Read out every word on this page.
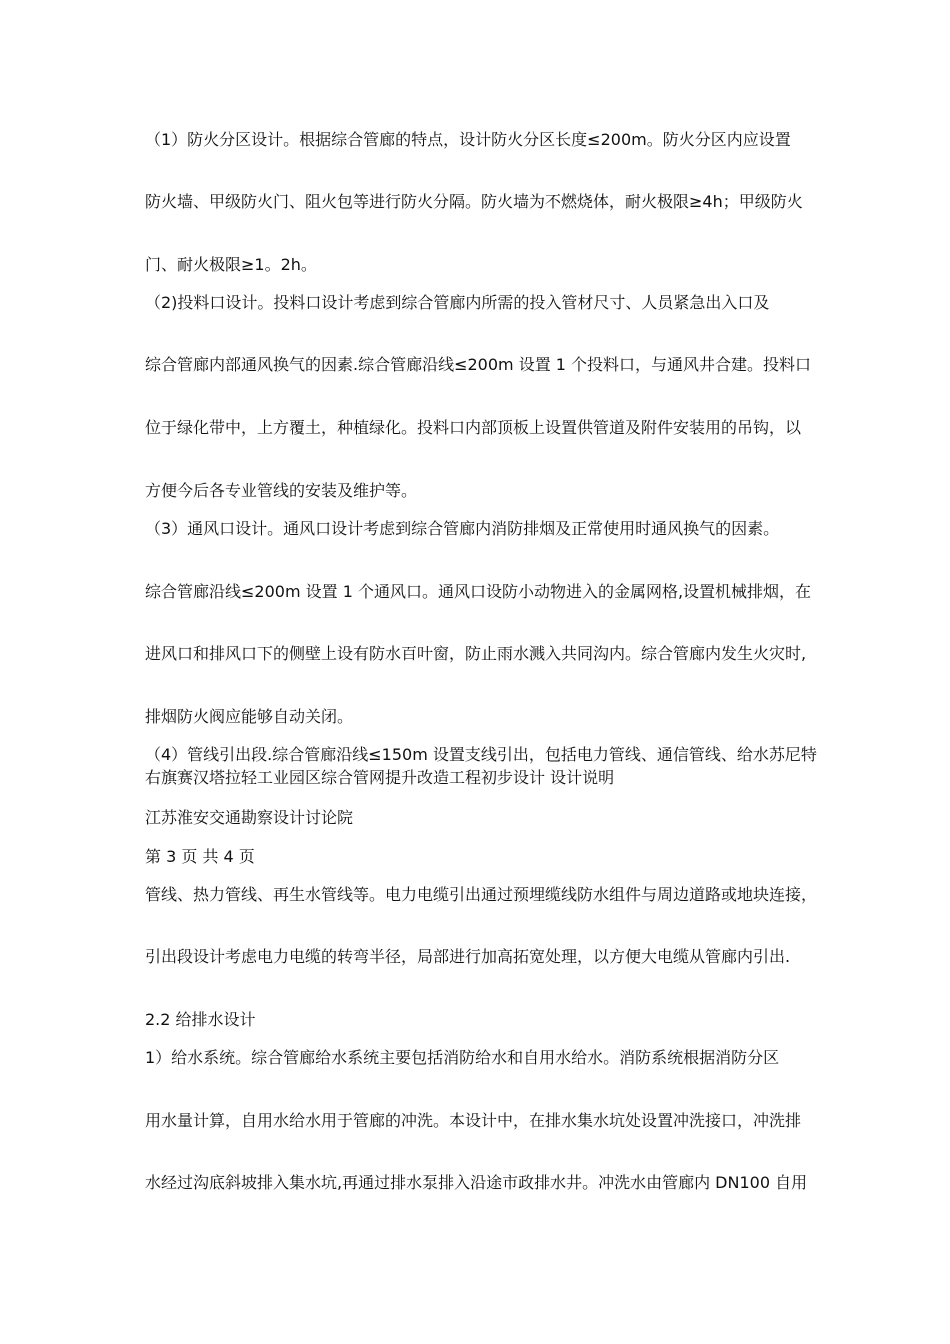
（1）防火分区设计。根据综合管廊的特点，设计防火分区长度≤200m。防火分区内应设置

防火墙、甲级防火门、阻火包等进行防火分隔。防火墙为不燃烧体，耐火极限≥4h；甲级防火

门、耐火极限≥1。2h。

（2)投料口设计。投料口设计考虑到综合管廊内所需的投入管材尺寸、人员紧急出入口及

综合管廊内部通风换气的因素.综合管廊沿线≤200m 设置 1 个投料口，与通风井合建。投料口

位于绿化带中，上方覆土，种植绿化。投料口内部顶板上设置供管道及附件安装用的吊钩，以

方便今后各专业管线的安装及维护等。

（3）通风口设计。通风口设计考虑到综合管廊内消防排烟及正常使用时通风换气的因素。

综合管廊沿线≤200m 设置 1 个通风口。通风口设防小动物进入的金属网格,设置机械排烟，在

进风口和排风口下的侧壁上设有防水百叶窗，防止雨水溅入共同沟内。综合管廊内发生火灾时,

排烟防火阀应能够自动关闭。

（4）管线引出段.综合管廊沿线≤150m 设置支线引出，包括电力管线、通信管线、给水苏尼特右旗赛汉塔拉轻工业园区综合管网提升改造工程初步设计 设计说明

江苏淮安交通勘察设计讨论院

第 3 页 共 4 页

管线、热力管线、再生水管线等。电力电缆引出通过预埋缆线防水组件与周边道路或地块连接，

引出段设计考虑电力电缆的转弯半径，局部进行加高拓宽处理，以方便大电缆从管廊内引出.

2.2 给排水设计

1）给水系统。综合管廊给水系统主要包括消防给水和自用水给水。消防系统根据消防分区

用水量计算，自用水给水用于管廊的冲洗。本设计中，在排水集水坑处设置冲洗接口，冲洗排

水经过沟底斜坡排入集水坑,再通过排水泵排入沿途市政排水井。冲洗水由管廊内 DN100 自用
